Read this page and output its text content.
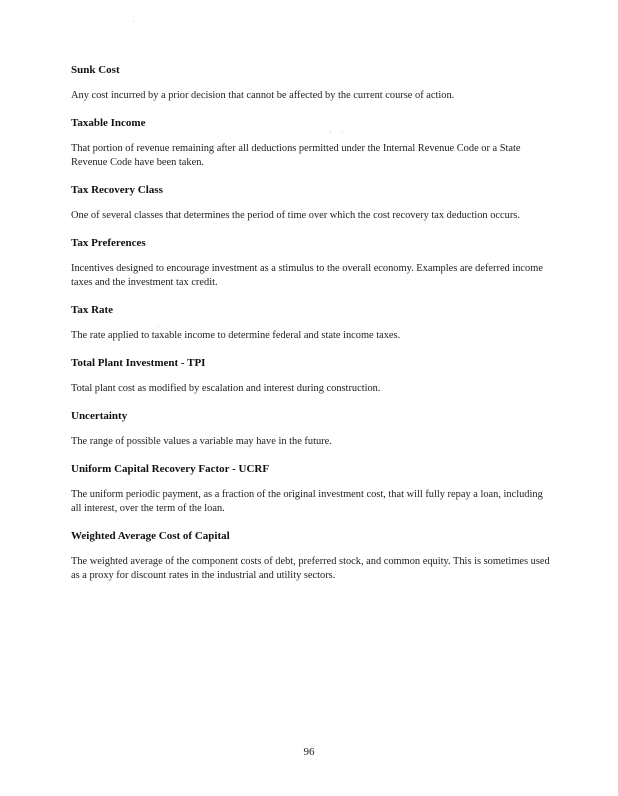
Sunk Cost

Any cost incurred by a prior decision that cannot be affected by the current course of action.

Taxable Income

That portion of revenue remaining after all deductions permitted under the Internal Revenue Code or a State Revenue Code have been taken.

Tax Recovery Class

One of several classes that determines the period of time over which the cost recovery tax deduction occurs.

Tax Preferences

Incentives designed to encourage investment as a stimulus to the overall economy. Examples are deferred income taxes and the investment tax credit.

Tax Rate

The rate applied to taxable income to determine federal and state income taxes.

Total Plant Investment - TPI

Total plant cost as modified by escalation and interest during construction.

Uncertainty

The range of possible values a variable may have in the future.

Uniform Capital Recovery Factor - UCRF

The uniform periodic payment, as a fraction of the original investment cost, that will fully repay a loan, including all interest, over the term of the loan.

Weighted Average Cost of Capital

The weighted average of the component costs of debt, preferred stock, and common equity. This is sometimes used as a proxy for discount rates in the industrial and utility sectors.

96
